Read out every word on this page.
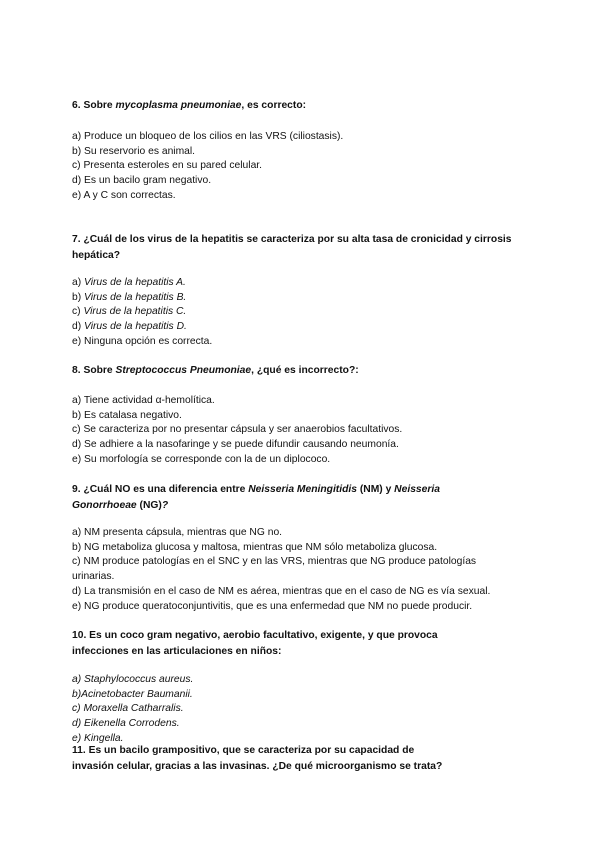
6. Sobre mycoplasma pneumoniae, es correcto:
a) Produce un bloqueo de los cilios en las VRS (ciliostasis).
b) Su reservorio es animal.
c) Presenta esteroles en su pared celular.
d) Es un bacilo gram negativo.
e) A y C son correctas.
7. ¿Cuál de los virus de la hepatitis se caracteriza por su alta tasa de cronicidad y cirrosis hepática?
a) Virus de la hepatitis A.
b) Virus de la hepatitis B.
c) Virus de la hepatitis C.
d) Virus de la hepatitis D.
e) Ninguna opción es correcta.
8. Sobre Streptococcus Pneumoniae, ¿qué es incorrecto?:
a) Tiene actividad α-hemolítica.
b) Es catalasa negativo.
c) Se caracteriza por no presentar cápsula y ser anaerobios facultativos.
d) Se adhiere a la nasofaringe y se puede difundir causando neumonía.
e) Su morfología se corresponde con la de un diplococo.
9. ¿Cuál NO es una diferencia entre Neisseria Meningitidis (NM) y Neisseria Gonorrhoeae (NG)?
a) NM presenta cápsula, mientras que NG no.
b) NG metaboliza glucosa y maltosa, mientras que NM sólo metaboliza glucosa.
c) NM produce patologías en el SNC y en las VRS, mientras que NG produce patologías urinarias.
d) La transmisión en el caso de NM es aérea, mientras que en el caso de NG es vía sexual.
e) NG produce queratoconjuntivitis, que es una enfermedad que NM no puede producir.
10. Es un coco gram negativo, aerobio facultativo, exigente, y que provoca infecciones en las articulaciones en niños:
a) Staphylococcus aureus.
b)Acinetobacter Baumanii.
c) Moraxella Catharralis.
d) Eikenella Corrodens.
e) Kingella.
11. Es un bacilo grampositivo, que se caracteriza por su capacidad de invasión celular, gracias a las invasinas. ¿De qué microorganismo se trata?
